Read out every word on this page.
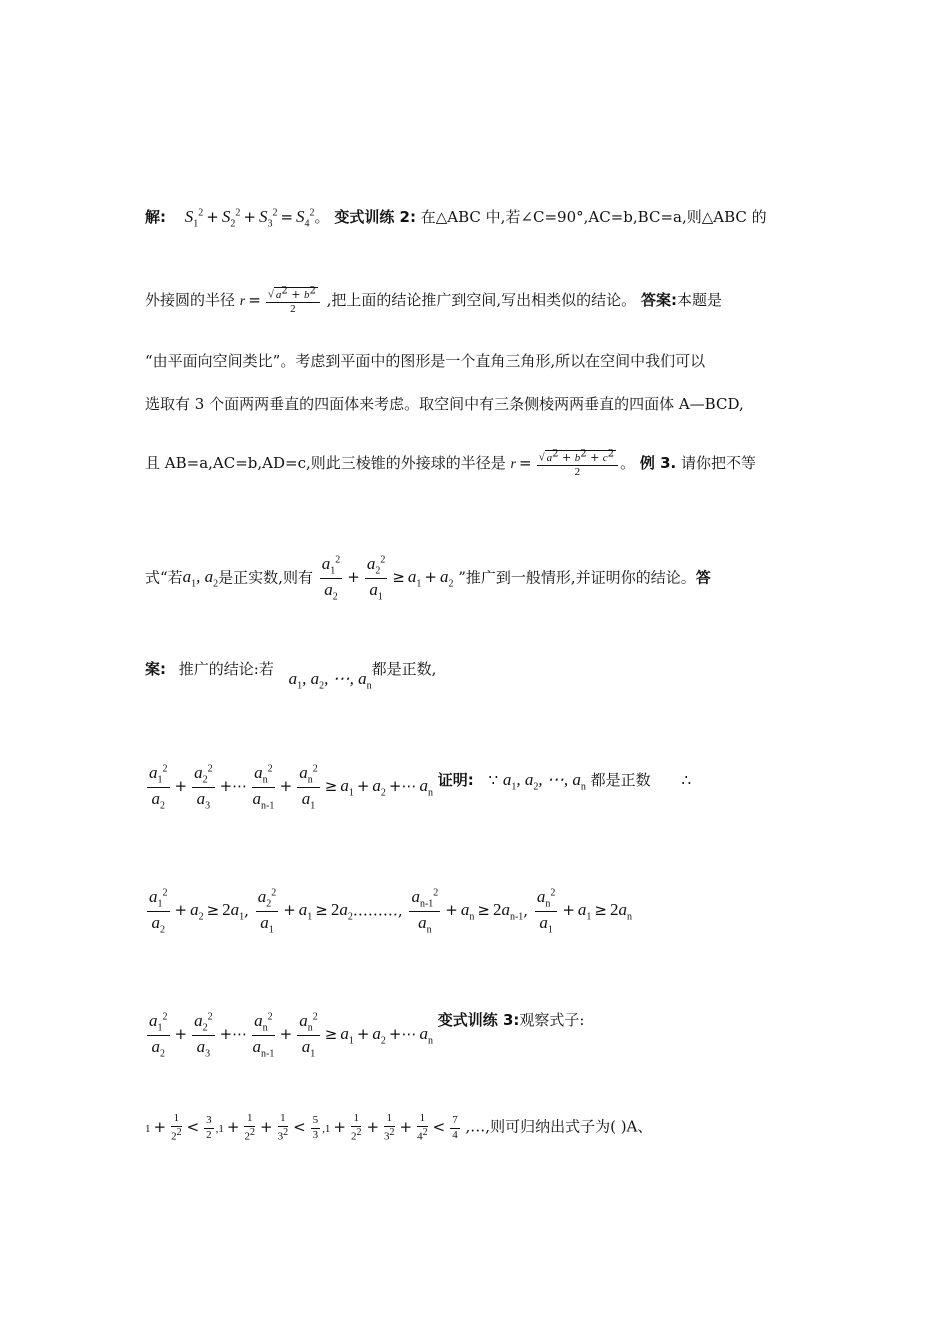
解: $S_1^2 + S_2^2 + S_3^2 = S_4^2$。 变式训练 2: 在△ABC 中,若∠C=90°,AC=b,BC=a,则△ABC 的
外接圆的半径 $r = \frac{√ a^2 + b^2}{2}$ ,把上面的结论推广到空间,写出相类似的结论。 答案:本题是
“由平面向空间类比”。考虑到平面中的图形是一个直角三角形,所以在空间中我们可以
选取有 3 个面两两垂直的四面体来考虑。取空间中有三条侧棱两两垂直的四面体 A—BCD,
且 AB=a,AC=b,AD=c,则此三棱锥的外接球的半径是 $r = \frac{√ a^2 + b^2 + c^2}{2}$ 。 例 3. 请你把不等
式“若$a_1$, $a_2$是正实数,则有 $\frac{a_1^2}{a_2} + \frac{a_2^2}{a_1} \ge a_1 + a_2$ ”推广到一般情形,并证明你的结论。答
案: 推广的结论:若 $a_1$, $a_2$, ⋯, $a_n$都是正数,
$\frac{a_1^2}{a_2} + \frac{a_2^2}{a_3}$ +⋯ $\frac{a_n^2}{a_{n-1}} + \frac{a_n^2}{a_1} \ge a_1 + a_2$ +⋯ $a_n$ 证明: ∵ $a_1$, $a_2$, ⋯, $a_n$ 都是正数 ∴
$\frac{a_1^2}{a_2} + a_2 \ge 2a_1$, $\frac{a_2^2}{a_1} + a_1$ ≥ $2a_2\dots\dots\dots$, $\frac{a_{n-1}^2}{a_n} + a_n \ge 2a_{n-1}$, $\frac{a_n^2}{a_1} + a_1 \ge 2a_n$
$\frac{a_1^2}{a_2} + \frac{a_2^2}{a_3}$ +⋯ $\frac{a_n^2}{a_{n-1}} + \frac{a_n^2}{a_1} \ge a_1 + a_2$ +⋯ $a_n$ 变式训练 3:观察式子:
$1 + \frac{1}{2^2} < \frac{3}{2} ,1 + \frac{1}{2^2} + \frac{1}{3^2} < \frac{5}{3} ,1 + \frac{1}{2^2} + \frac{1}{3^2} + \frac{1}{4^2} < \frac{7}{4}$ ,…,则可归纳出式子为( )A、
